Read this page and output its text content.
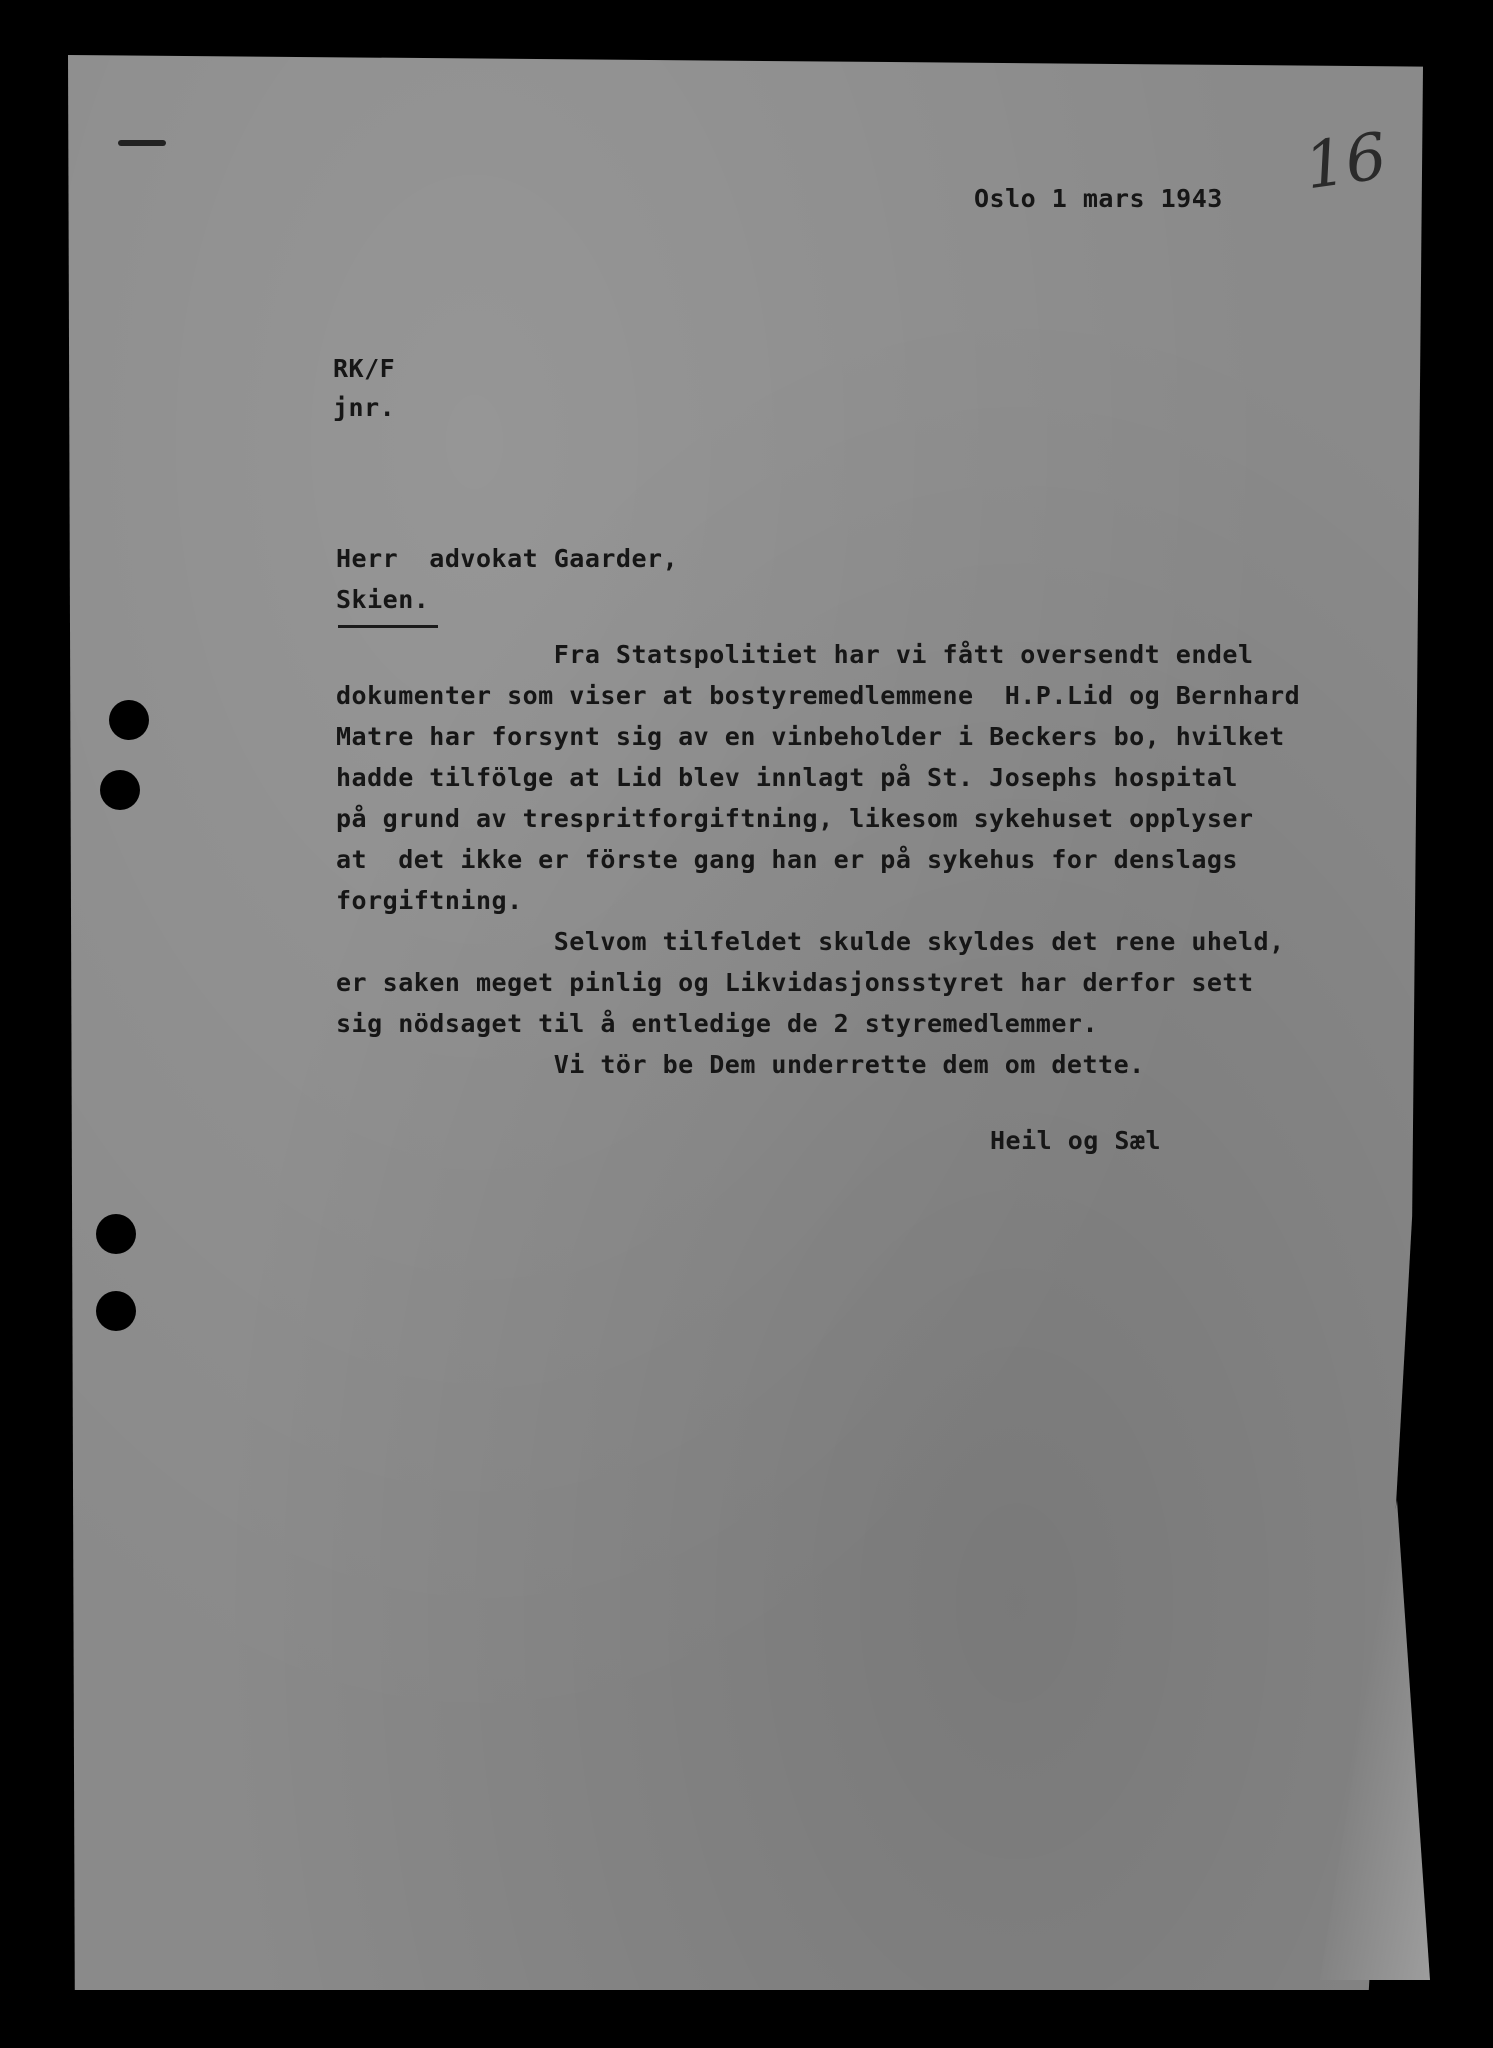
16
Oslo 1 mars 1943
RK/F
jnr.
Herr  advokat Gaarder,
Skien.
Fra Statspolitiet har vi fått oversendt endel
dokumenter som viser at bostyremedlemmene  H.P.Lid og Bernhard
Matre har forsynt sig av en vinbeholder i Beckers bo, hvilket
hadde tilfölge at Lid blev innlagt på St. Josephs hospital
på grund av trespritforgiftning, likesom sykehuset opplyser
at  det ikke er förste gang han er på sykehus for denslags
forgiftning.
Selvom tilfeldet skulde skyldes det rene uheld,
er saken meget pinlig og Likvidasjonsstyret har derfor sett
sig nödsaget til å entledige de 2 styremedlemmer.
Vi tör be Dem underrette dem om dette.
Heil og Sæl
